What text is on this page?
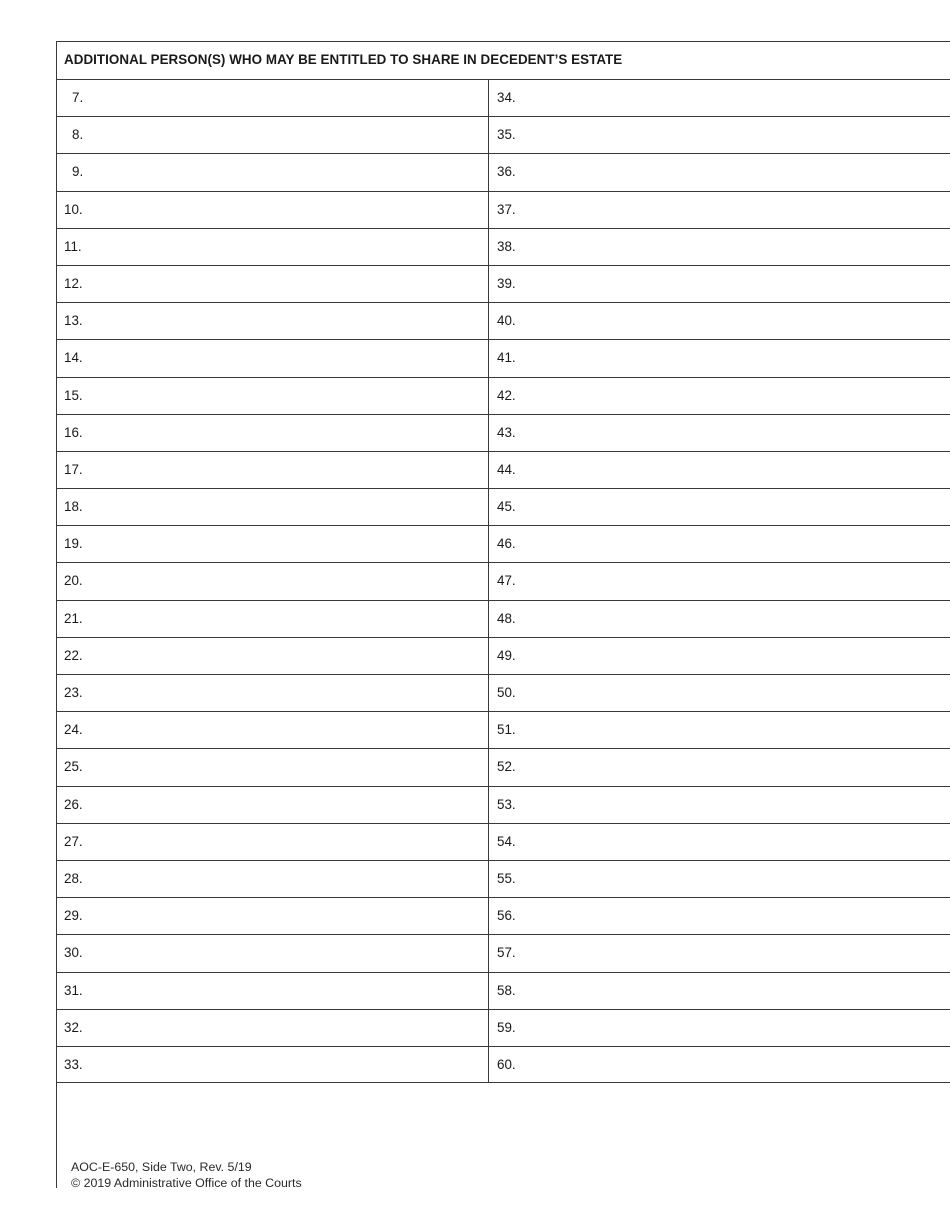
ADDITIONAL PERSON(S) WHO MAY BE ENTITLED TO SHARE IN DECEDENT’S ESTATE
7.	34.
8.	35.
9.	36.
10.	37.
11.	38.
12.	39.
13.	40.
14.	41.
15.	42.
16.	43.
17.	44.
18.	45.
19.	46.
20.	47.
21.	48.
22.	49.
23.	50.
24.	51.
25.	52.
26.	53.
27.	54.
28.	55.
29.	56.
30.	57.
31.	58.
32.	59.
33.	60.
AOC-E-650, Side Two, Rev. 5/19
© 2019 Administrative Office of the Courts
